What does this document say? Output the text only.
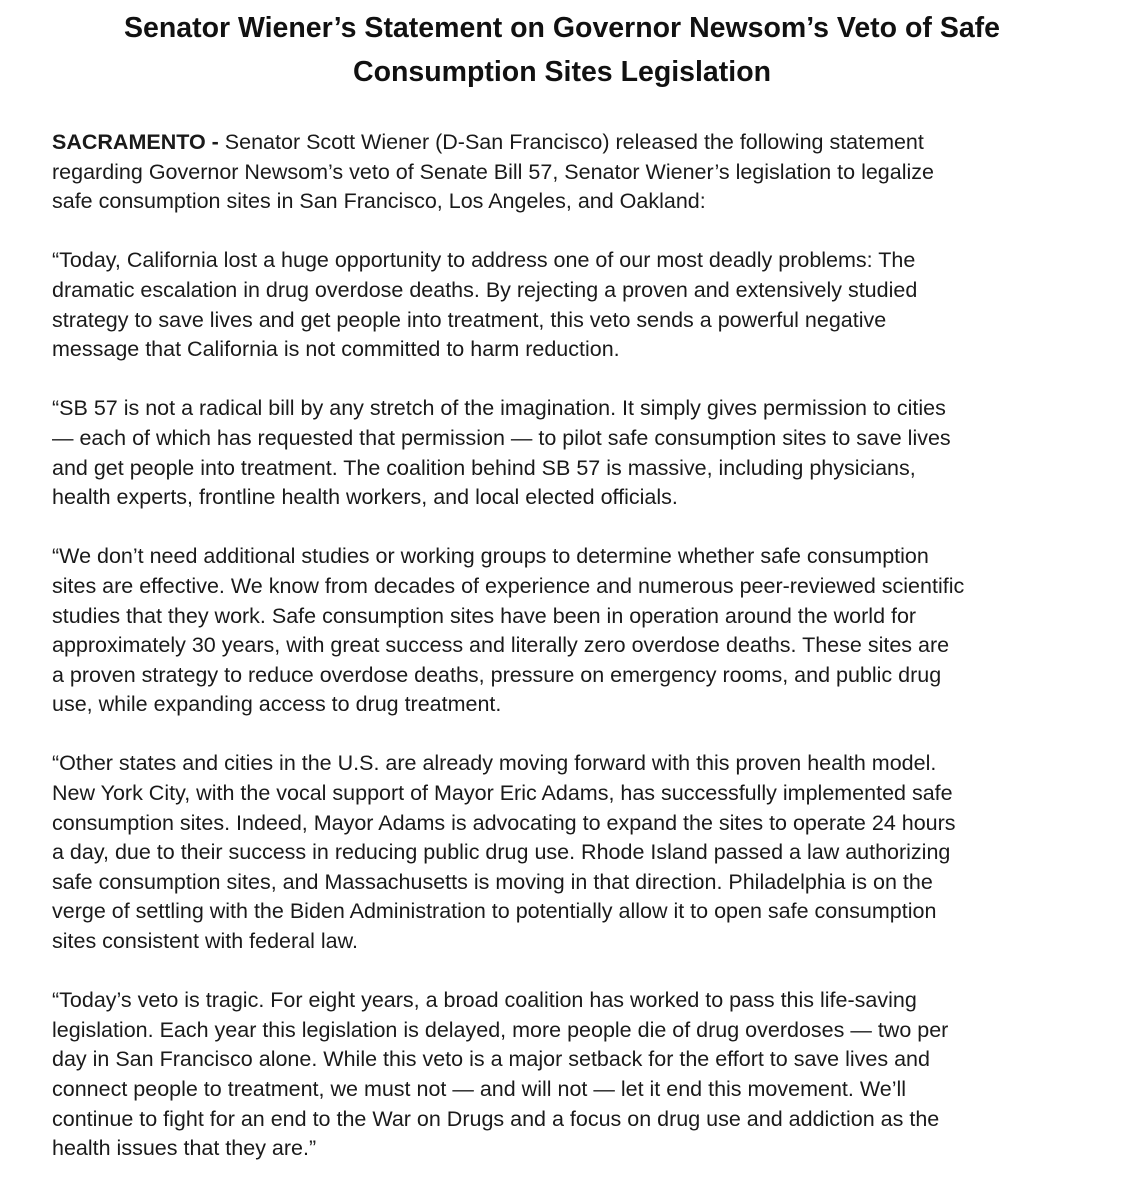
Senator Wiener’s Statement on Governor Newsom’s Veto of Safe
Consumption Sites Legislation

SACRAMENTO - Senator Scott Wiener (D-San Francisco) released the following statement
regarding Governor Newsom’s veto of Senate Bill 57, Senator Wiener’s legislation to legalize
safe consumption sites in San Francisco, Los Angeles, and Oakland:

“Today, California lost a huge opportunity to address one of our most deadly problems: The
dramatic escalation in drug overdose deaths. By rejecting a proven and extensively studied
strategy to save lives and get people into treatment, this veto sends a powerful negative
message that California is not committed to harm reduction.

“SB 57 is not a radical bill by any stretch of the imagination. It simply gives permission to cities
— each of which has requested that permission — to pilot safe consumption sites to save lives
and get people into treatment. The coalition behind SB 57 is massive, including physicians,
health experts, frontline health workers, and local elected officials.

“We don’t need additional studies or working groups to determine whether safe consumption
sites are effective. We know from decades of experience and numerous peer-reviewed scientific
studies that they work. Safe consumption sites have been in operation around the world for
approximately 30 years, with great success and literally zero overdose deaths. These sites are
a proven strategy to reduce overdose deaths, pressure on emergency rooms, and public drug
use, while expanding access to drug treatment.

“Other states and cities in the U.S. are already moving forward with this proven health model.
New York City, with the vocal support of Mayor Eric Adams, has successfully implemented safe
consumption sites. Indeed, Mayor Adams is advocating to expand the sites to operate 24 hours
a day, due to their success in reducing public drug use. Rhode Island passed a law authorizing
safe consumption sites, and Massachusetts is moving in that direction. Philadelphia is on the
verge of settling with the Biden Administration to potentially allow it to open safe consumption
sites consistent with federal law.

“Today’s veto is tragic. For eight years, a broad coalition has worked to pass this life-saving
legislation. Each year this legislation is delayed, more people die of drug overdoses — two per
day in San Francisco alone. While this veto is a major setback for the effort to save lives and
connect people to treatment, we must not — and will not — let it end this movement. We’ll
continue to fight for an end to the War on Drugs and a focus on drug use and addiction as the
health issues that they are.”
